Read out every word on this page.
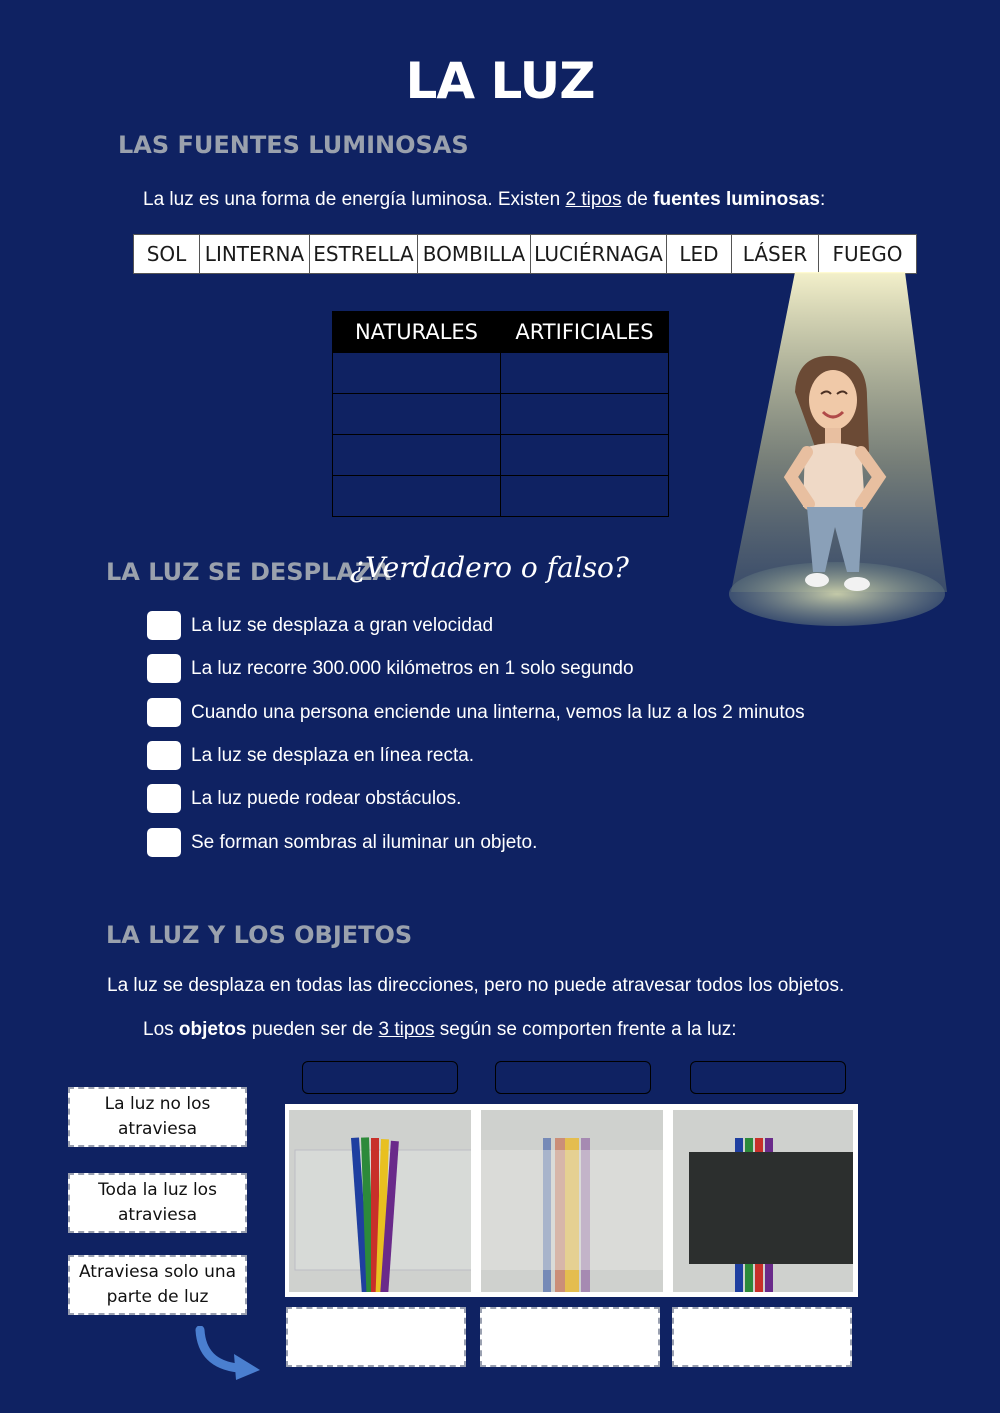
LA LUZ
LAS FUENTES LUMINOSAS
La luz es una forma de energía luminosa. Existen 2 tipos de fuentes luminosas:
SOL LINTERNA ESTRELLA BOMBILLA LUCIÉRNAGA LED	LÁSER	FUEGO
NATURALES	ARTIFICIALES

LA LUZ SE DESPLAZA
¿Verdadero o falso?
La luz se desplaza a gran velocidad
La luz recorre 300.000 kilómetros en 1 solo segundo
Cuando una persona enciende una linterna, vemos la luz a los 2 minutos
La luz se desplaza en línea recta.
La luz puede rodear obstáculos.
Se forman sombras al iluminar un objeto.
LA LUZ Y LOS OBJETOS
La luz se desplaza en todas las direcciones, pero no puede atravesar todos los objetos.
Los objetos pueden ser de 3 tipos según se comporten frente a la luz:
La luz no los atraviesa
Toda la luz los atraviesa
Atraviesa solo una parte de luz
